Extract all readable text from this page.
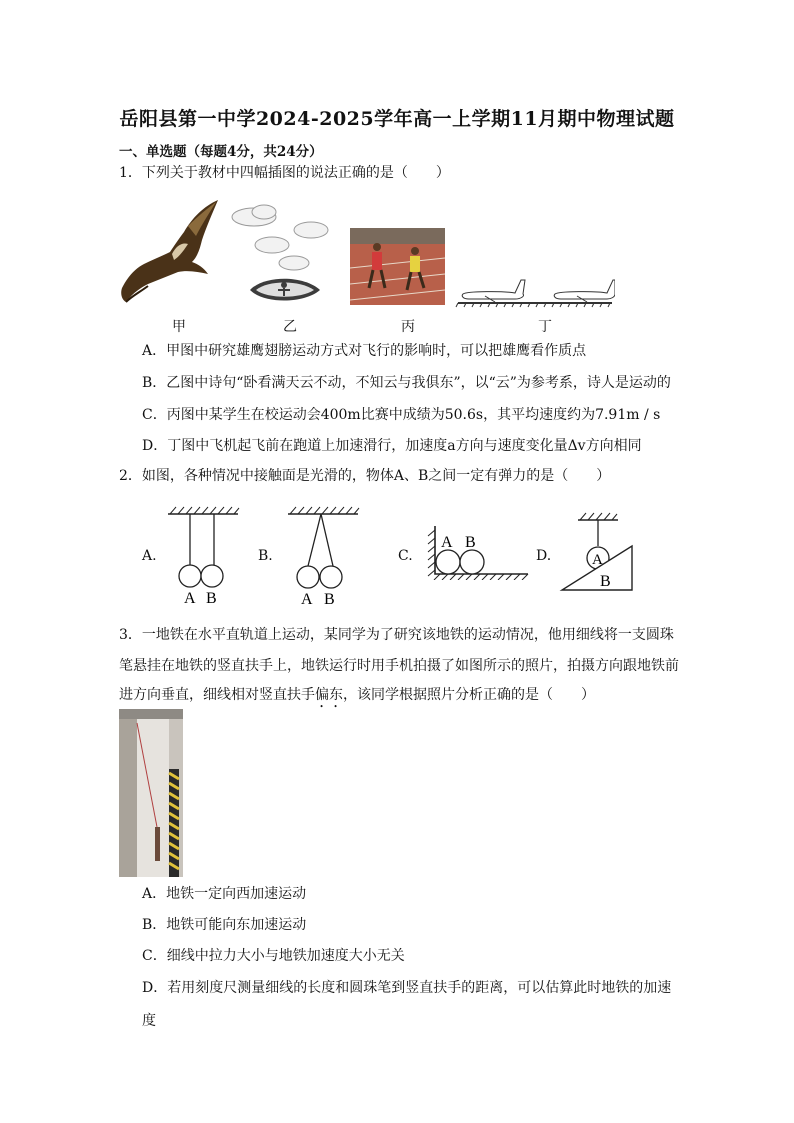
岳阳县第一中学2024-2025学年高一上学期11月期中物理试题
一、单选题（每题4分，共24分）
1．下列关于教材中四幅插图的说法正确的是（　　）
甲	乙	丙	丁
A．甲图中研究雄鹰翅膀运动方式对飞行的影响时，可以把雄鹰看作质点
B．乙图中诗句“卧看满天云不动，不知云与我俱东”，以“云”为参考系，诗人是运动的
C．丙图中某学生在校运动会400m比赛中成绩为50.6s，其平均速度约为7.91m / s
D．丁图中飞机起飞前在跑道上加速滑行，加速度a方向与速度变化量Δv方向相同
2．如图，各种情况中接触面是光滑的，物体A、B之间一定有弹力的是（　　）
A.
A B
B.
A B
C.
A B
D.	A
B
3．一地铁在水平直轨道上运动，某同学为了研究该地铁的运动情况，他用细线将一支圆珠
笔悬挂在地铁的竖直扶手上，地铁运行时用手机拍摄了如图所示的照片，拍摄方向跟地铁前
进方向垂直，细线相对竖直扶手偏东，该同学根据照片分析正确的是（　　）
A．地铁一定向西加速运动
B．地铁可能向东加速运动
C．细线中拉力大小与地铁加速度大小无关
D．若用刻度尺测量细线的长度和圆珠笔到竖直扶手的距离，可以估算此时地铁的加速
度
